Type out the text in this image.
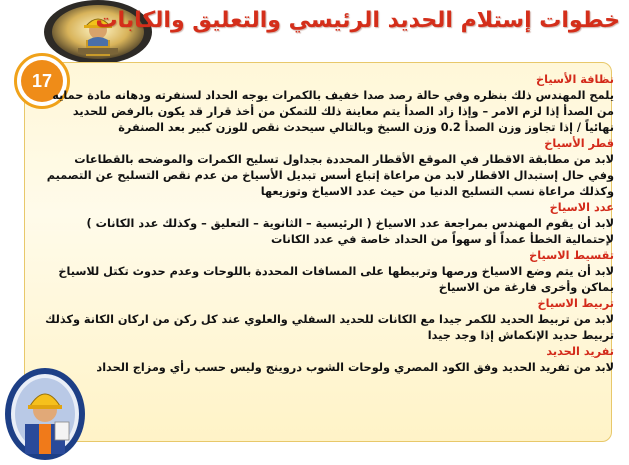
خطوات إستلام الحديد الرئيسي والتعليق والكابات
17	نظافة الأسياخ

يلمح المهندس ذلك بنظره وفي حالة رصد صدا خفيف بالكمرات يوجه الحداد لسنفرته ودهانه مادة حمايه

من الصدأ إذا لزم الامر – وإذا زاد الصدأ يتم معاينة ذلك للتمكن من أخذ قرار قد يكون بالرفض للحديد

نهائياً / إذا تجاوز وزن الصدأ 0.2 وزن السيخ وبالتالي سيحدث نقص للوزن كبير بعد الصنفرة

قطر الأسياخ

لابد من مطابقة الاقطار في الموقع الأقطار المحددة بجداول تسليح الكمرات والموضحه بالقطاعات

وفي حال إستبدال الاقطار لابد من مراعاة إتباع أسس تبديل الأسياخ من عدم نقص التسليح عن التصميم

وكذلك مراعاة نسب التسليح الدنيا من حيث عدد الاسياخ وتوزيعها

عدد الاسياخ

لابد أن يقوم المهندس بمراجعة عدد الاسياخ ( الرئيسية – الثانوية – التعليق – وكذلك عدد الكانات )

لإحتمالية الخطأ عمداً أو سهواً من الحداد خاصة في عدد الكانات

تقسيط الاسياخ

لابد أن يتم وضع الاسياخ ورصها وتربيطها على المسافات المحددة باللوحات وعدم حدوث تكتل للاسياخ

بماكن وأخرى فارغة من الاسياخ

تربيط الاسياخ

لابد من تربيط الحديد للكمر جيدا مع الكانات للحديد السفلي والعلوي عند كل ركن من اركان الكانة وكذلك

تربيط حديد الإنكماش إذا وجد جيدا

تفريد الحديد

لابد من تفريد الحديد وفق الكود المصري ولوحات الشوب دروينج وليس حسب رأي ومزاج الحداد
